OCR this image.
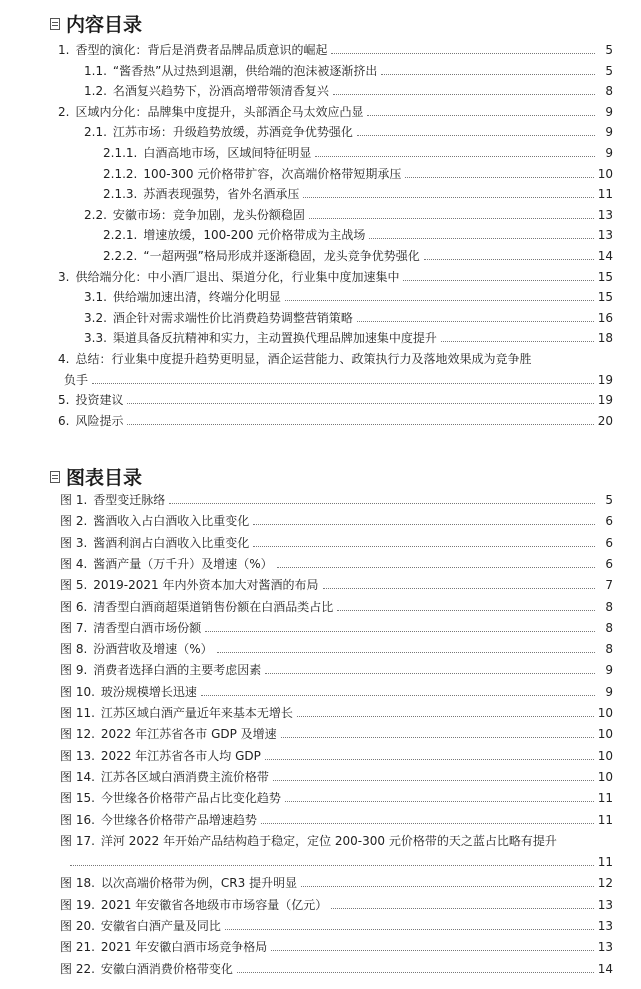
内容目录
1. 香型的演化：背后是消费者品牌品质意识的崛起	5
1.1. “酱香热”从过热到退潮，供给端的泡沫被逐渐挤出	5
1.2. 名酒复兴趋势下，汾酒高增带领清香复兴	8
2. 区域内分化：品牌集中度提升，头部酒企马太效应凸显	9
2.1. 江苏市场：升级趋势放缓，苏酒竞争优势强化	9
2.1.1. 白酒高地市场，区域间特征明显	9
2.1.2. 100-300 元价格带扩容，次高端价格带短期承压	10
2.1.3. 苏酒表现强势，省外名酒承压	11
2.2. 安徽市场：竞争加剧，龙头份额稳固	13
2.2.1. 增速放缓，100-200 元价格带成为主战场	13
2.2.2. “一超两强”格局形成并逐渐稳固，龙头竞争优势强化	14
3. 供给端分化：中小酒厂退出、渠道分化，行业集中度加速集中	15
3.1. 供给端加速出清，终端分化明显	15
3.2. 酒企针对需求端性价比消费趋势调整营销策略	16
3.3. 渠道具备反抗精神和实力，主动置换代理品牌加速集中度提升	18
4. 总结：行业集中度提升趋势更明显，酒企运营能力、政策执行力及落地效果成为竞争胜
负手	19
5. 投资建议	19
6. 风险提示	20
图表目录
图 1. 香型变迁脉络	5
图 2. 酱酒收入占白酒收入比重变化	6
图 3. 酱酒利润占白酒收入比重变化	6
图 4. 酱酒产量（万千升）及增速（%）	6
图 5. 2019-2021 年内外资本加大对酱酒的布局	7
图 6. 清香型白酒商超渠道销售份额在白酒品类占比	8
图 7. 清香型白酒市场份额	8
图 8. 汾酒营收及增速（%）	8
图 9. 消费者选择白酒的主要考虑因素	9
图 10. 玻汾规模增长迅速	9
图 11. 江苏区域白酒产量近年来基本无增长	10
图 12. 2022 年江苏省各市 GDP 及增速	10
图 13. 2022 年江苏省各市人均 GDP	10
图 14. 江苏各区域白酒消费主流价格带	10
图 15. 今世缘各价格带产品占比变化趋势	11
图 16. 今世缘各价格带产品增速趋势	11
图 17. 洋河 2022 年开始产品结构趋于稳定，定位 200-300 元价格带的天之蓝占比略有提升
11
图 18. 以次高端价格带为例，CR3 提升明显	12
图 19. 2021 年安徽省各地级市市场容量（亿元）	13
图 20. 安徽省白酒产量及同比	13
图 21. 2021 年安徽白酒市场竞争格局	13
图 22. 安徽白酒消费价格带变化	14
